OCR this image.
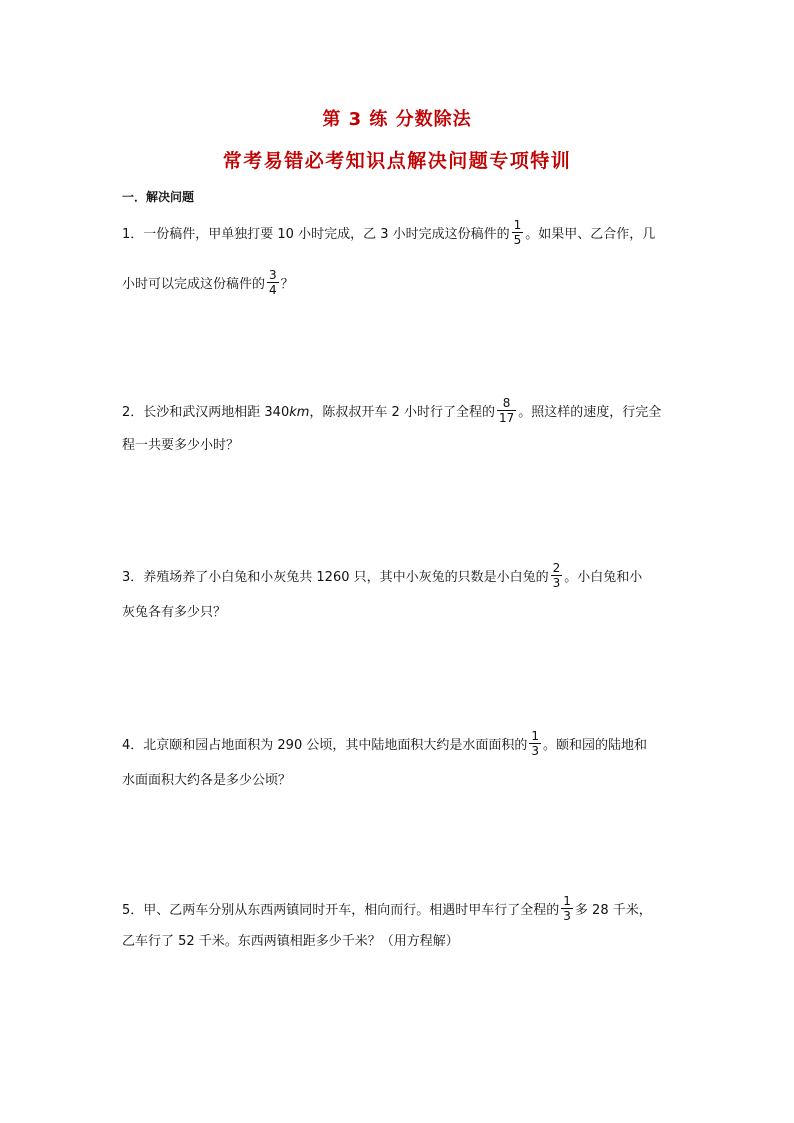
第 3 练 分数除法
常考易错必考知识点解决问题专项特训
一．解决问题
1．一份稿件，甲单独打要 10 小时完成，乙 3 小时完成这份稿件的 $\frac{1}{5}$ 。如果甲、乙合作，几
小时可以完成这份稿件的 $\frac{3}{4}$ ？
2．长沙和武汉两地相距 340km，陈叔叔开车 2 小时行了全程的 $\frac{8}{17}$ 。照这样的速度，行完全
程一共要多少小时？
3．养殖场养了小白兔和小灰兔共 1260 只，其中小灰兔的只数是小白兔的 $\frac{2}{3}$ 。小白兔和小
灰兔各有多少只？
4．北京颐和园占地面积为 290 公顷，其中陆地面积大约是水面面积的 $\frac{1}{3}$ 。颐和园的陆地和
水面面积大约各是多少公顷？
5．甲、乙两车分别从东西两镇同时开车，相向而行。相遇时甲车行了全程的 $\frac{1}{3}$ 多 28 千米，
乙车行了 52 千米。东西两镇相距多少千米？（用方程解）
